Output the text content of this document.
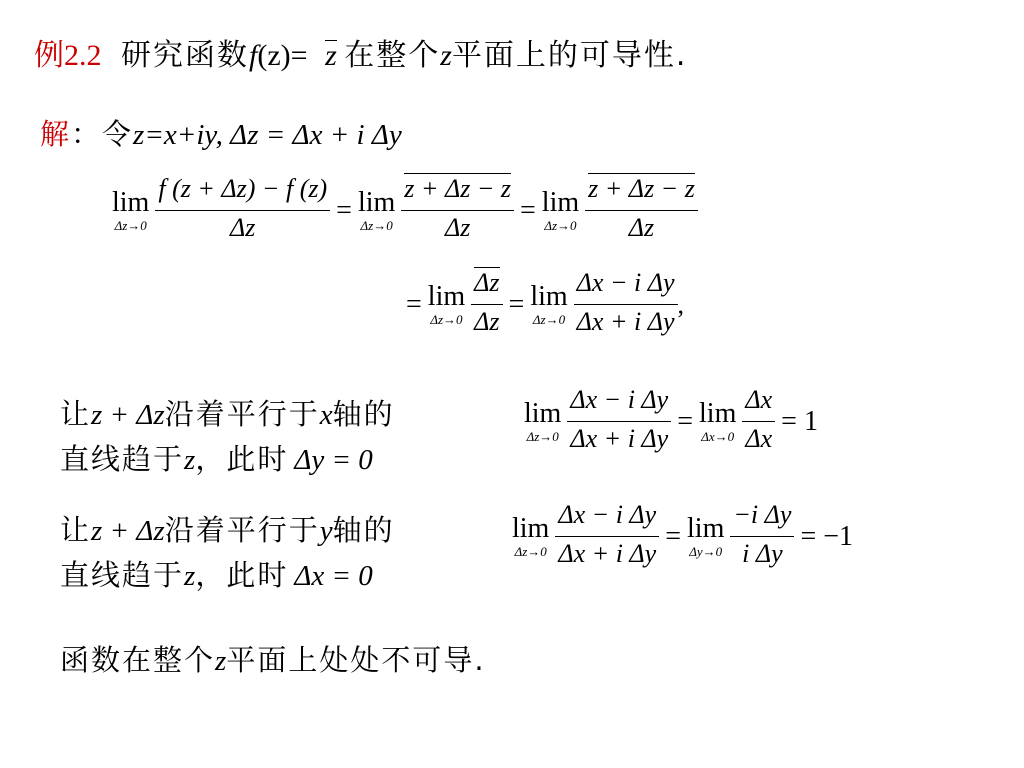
例2.2 研究函数f(z)= z 在整个z平面上的可导性.
解：令z=x+iy, Δz = Δx + i Δy
lim
$\Delta z\to 0 \frac{f (z + \Delta z) - f (z)}{\Delta z} = \lim$
$\Delta z\to 0 \frac{z + \Delta z - z}{\Delta z} = \lim$
$\Delta z\to 0 \frac{z + \Delta z - z}{\Delta z}$
= lim
$\Delta z\to 0 \frac{\Delta z}{\Delta z} = \lim$
$\Delta z\to 0 \frac{\text{Δx − i Δy}}{\text{Δx + i Δy}}$ ,
让z + Δz沿着平行于x轴的
直线趋于z，此时 Δy = 0
lim
$\Delta z\to 0 \frac{\text{Δx − i Δy}}{\text{Δx + i Δy}} = \lim$
$\Delta x\to 0 \frac{\Delta x}{\Delta x} = 1$
让z + Δz沿着平行于y轴的
直线趋于z，此时 Δx = 0
lim
$\Delta z\to 0 \frac{\text{Δx − i Δy}}{\text{Δx + i Δy}} = \lim$
$\Delta y\to 0 \frac{\text{−i Δy}}{\text{i Δy}} = -1$
函数在整个z平面上处处不可导.
